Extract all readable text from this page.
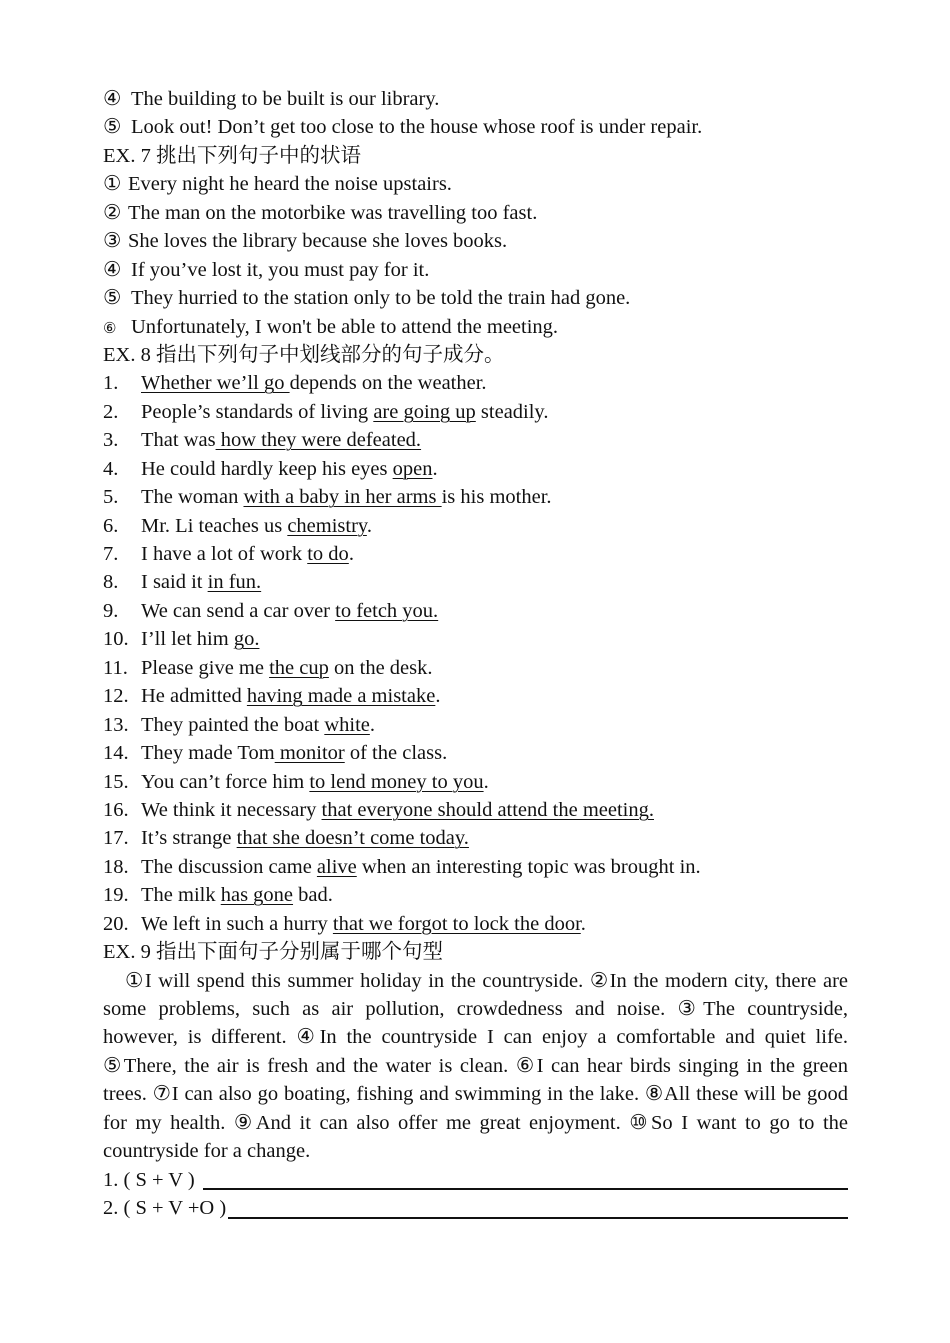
④ The building to be built is our library.
⑤ Look out! Don’t get too close to the house whose roof is under repair.
EX. 7 挑出下列句子中的状语
① Every night he heard the noise upstairs.
② The man on the motorbike was travelling too fast.
③ She loves the library because she loves books.
④ If you’ve lost it, you must pay for it.
⑤ They hurried to the station only to be told the train had gone.
⑥ Unfortunately, I won't be able to attend the meeting.
EX. 8 指出下列句子中划线部分的句子成分。
1. Whether we’ll go depends on the weather.
2. People’s standards of living are going up steadily.
3. That was how they were defeated.
4. He could hardly keep his eyes open.
5. The woman with a baby in her arms is his mother.
6. Mr. Li teaches us chemistry.
7. I have a lot of work to do.
8. I said it in fun.
9. We can send a car over to fetch you.
10. I’ll let him go.
11. Please give me the cup on the desk.
12. He admitted having made a mistake.
13. They painted the boat white.
14. They made Tom monitor of the class.
15. You can’t force him to lend money to you.
16. We think it necessary that everyone should attend the meeting.
17. It’s strange that she doesn’t come today.
18. The discussion came alive when an interesting topic was brought in.
19. The milk has gone bad.
20. We left in such a hurry that we forgot to lock the door.
EX. 9 指出下面句子分别属于哪个句型
①I will spend this summer holiday in the countryside. ②In the modern city, there are some problems, such as air pollution, crowdedness and noise. ③The countryside, however, is different. ④In the countryside I can enjoy a comfortable and quiet life. ⑤There, the air is fresh and the water is clean. ⑥I can hear birds singing in the green trees. ⑦I can also go boating, fishing and swimming in the lake. ⑧All these will be good for my health. ⑨And it can also offer me great enjoyment. ⑩So I want to go to the countryside for a change.
1. ( S + V )
2. ( S + V +O )
